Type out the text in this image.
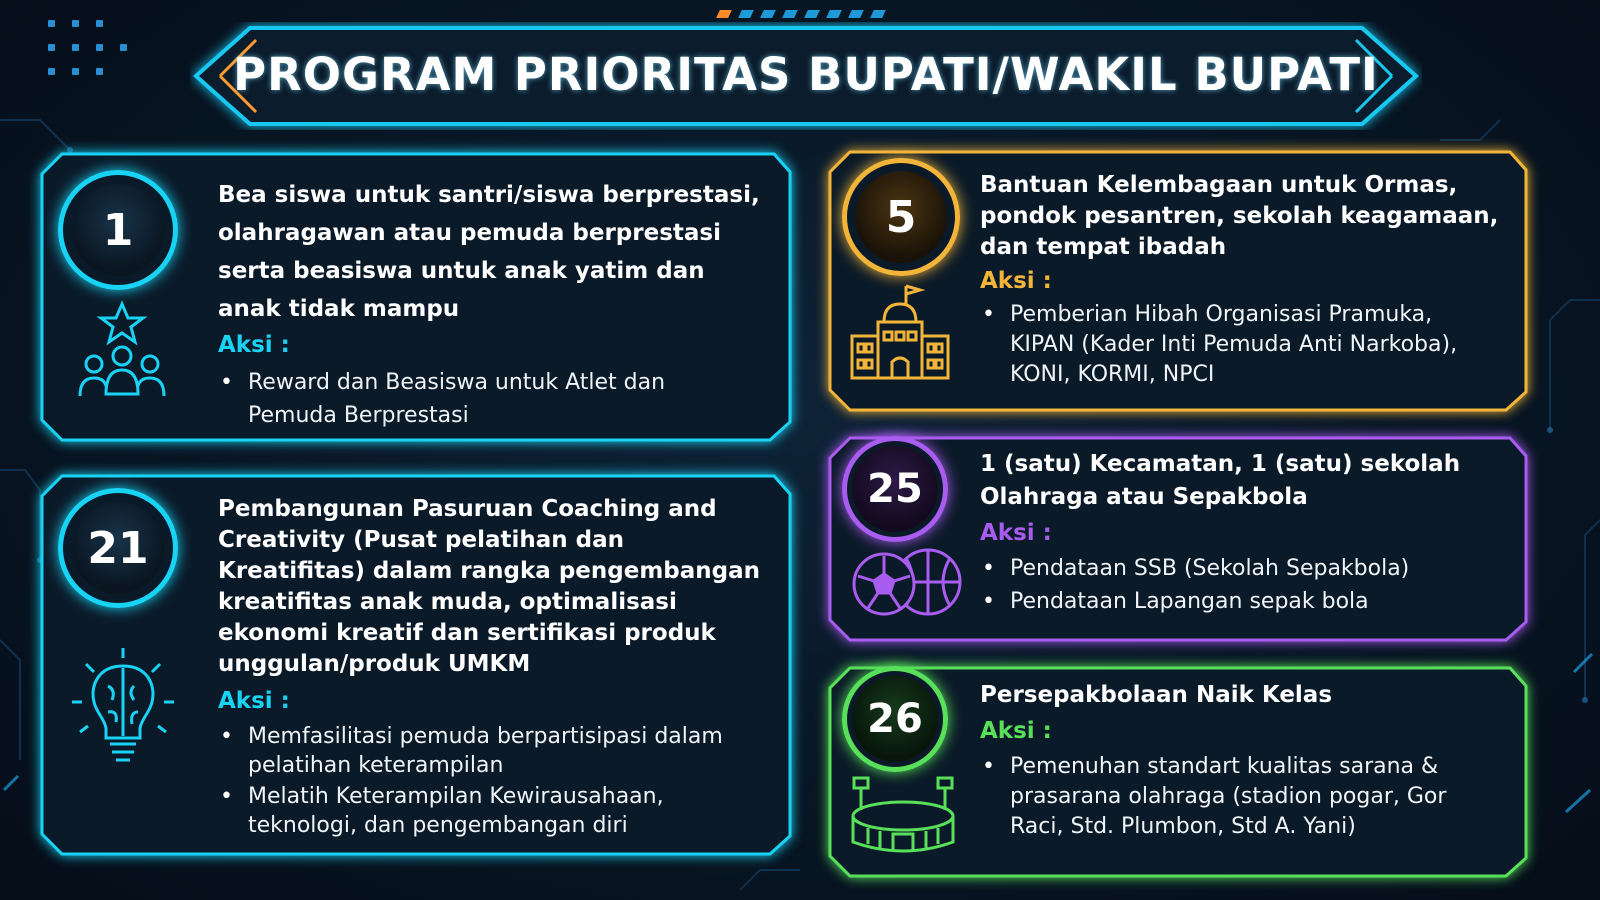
PROGRAM PRIORITAS BUPATI/WAKIL BUPATI
1
Bea siswa untuk santri/siswa berprestasi, olahragawan atau pemuda berprestasi serta beasiswa untuk anak yatim dan anak tidak mampu
Aksi :
• Reward dan Beasiswa untuk Atlet dan Pemuda Berprestasi
21
Pembangunan Pasuruan Coaching and Creativity (Pusat pelatihan dan Kreatifitas) dalam rangka pengembangan kreatifitas anak muda, optimalisasi ekonomi kreatif dan sertifikasi produk unggulan/produk UMKM
Aksi :
• Memfasilitasi pemuda berpartisipasi dalam pelatihan keterampilan
• Melatih Keterampilan Kewirausahaan, teknologi, dan pengembangan diri
5
Bantuan Kelembagaan untuk Ormas, pondok pesantren, sekolah keagamaan, dan tempat ibadah
Aksi :
• Pemberian Hibah Organisasi Pramuka, KIPAN (Kader Inti Pemuda Anti Narkoba), KONI, KORMI, NPCI
25
1 (satu) Kecamatan, 1 (satu) sekolah Olahraga atau Sepakbola
Aksi :
• Pendataan SSB (Sekolah Sepakbola)
• Pendataan Lapangan sepak bola
26
Persepakbolaan Naik Kelas
Aksi :
• Pemenuhan standart kualitas sarana & prasarana olahraga (stadion pogar, Gor Raci, Std. Plumbon, Std A. Yani)
